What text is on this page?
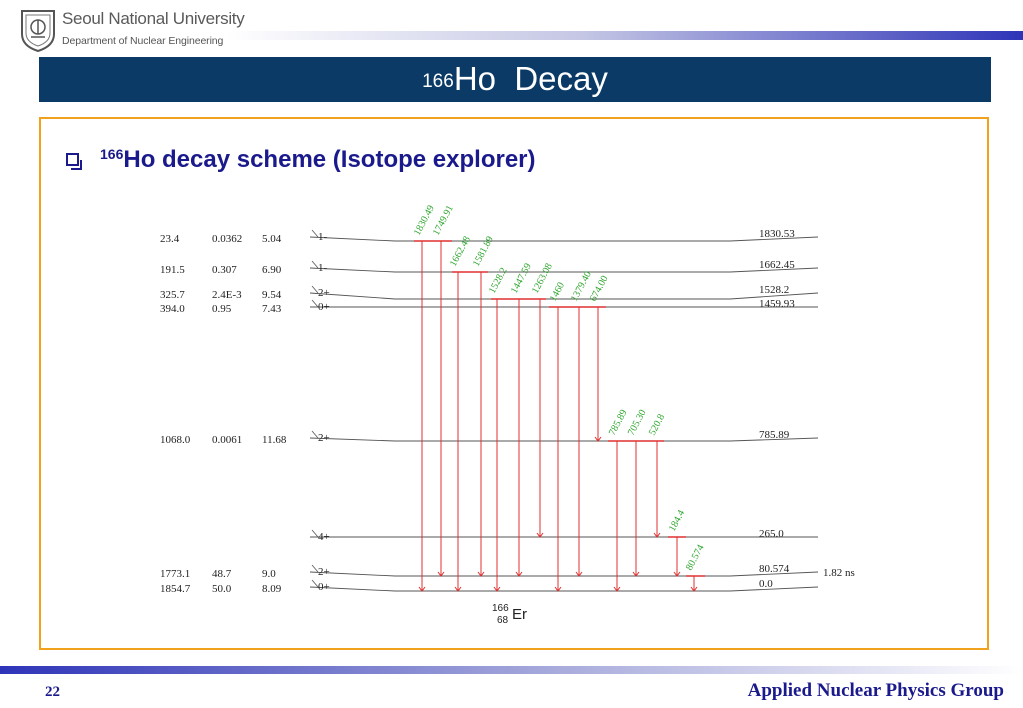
Seoul National University
Department of Nuclear Engineering
$^{166}$Ho Decay
$^{166}$Ho decay scheme (Isotope explorer)
1-	1830.53
23.4	0.0362 5.04
1-	1662.45
191.5 0.307 6.90
2+	1528.2
325.7 2.4E-3 9.54
0+	1459.93
394.0 0.95	7.43
2+	785.89
1068.0 0.0061 11.68
4+	265.0
2+	80.574	1.82 ns
1773.1 48.7	9.0
0+	0.0
1854.7 50.0	8.09
1830.49
1749.91
1662.48
1581.89
1528.2 1447.59
1263.08
1460 1379.40
674.00
785.89
705.30
520.8
184.4
80.574
166
68 Er
22	Applied Nuclear Physics Group
